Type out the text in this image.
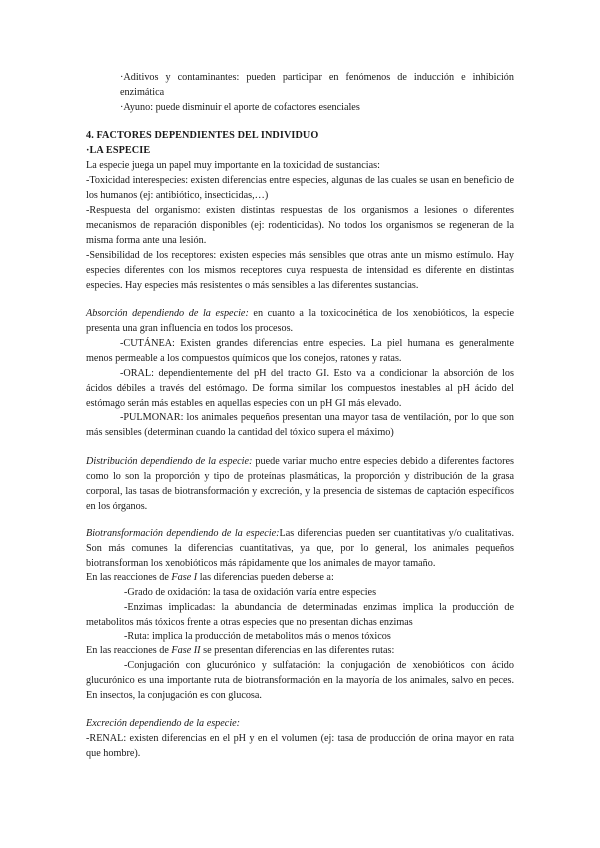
·Aditivos y contaminantes: pueden participar en fenómenos de inducción e inhibición enzimática

·Ayuno: puede disminuir el aporte de cofactores esenciales

4. FACTORES DEPENDIENTES DEL INDIVIDUO

·LA ESPECIE

La especie juega un papel muy importante en la toxicidad de sustancias:

-Toxicidad interespecies: existen diferencias entre especies, algunas de las cuales se usan en beneficio de los humanos (ej: antibiótico, insecticidas,…)

-Respuesta del organismo: existen distintas respuestas de los organismos a lesiones o diferentes mecanismos de reparación disponibles (ej: rodenticidas). No todos los organismos se regeneran de la misma forma ante una lesión.

-Sensibilidad de los receptores: existen especies más sensibles que otras ante un mismo estímulo. Hay especies diferentes con los mismos receptores cuya respuesta de intensidad es diferente en distintas especies. Hay especies más resistentes o más sensibles a las diferentes sustancias.

Absorción dependiendo de la especie: en cuanto a la toxicocinética de los xenobióticos, la especie presenta una gran influencia en todos los procesos.

-CUTÁNEA: Existen grandes diferencias entre especies. La piel humana es generalmente menos permeable a los compuestos químicos que los conejos, ratones y ratas.

-ORAL: dependientemente del pH del tracto GI. Esto va a condicionar la absorción de los ácidos débiles a través del estómago. De forma similar los compuestos inestables al pH ácido del estómago serán más estables en aquellas especies con un pH GI más elevado.

-PULMONAR: los animales pequeños presentan una mayor tasa de ventilación, por lo que son más sensibles (determinan cuando la cantidad del tóxico supera el máximo)

Distribución dependiendo de la especie: puede variar mucho entre especies debido a diferentes factores como lo son la proporción y tipo de proteínas plasmáticas, la proporción y distribución de la grasa corporal, las tasas de biotransformación y excreción, y la presencia de sistemas de captación específicos en los órganos.

Biotransformación dependiendo de la especie:Las diferencias pueden ser cuantitativas y/o cualitativas. Son más comunes la diferencias cuantitativas, ya que, por lo general, los animales pequeños biotransforman los xenobióticos más rápidamente que los animales de mayor tamaño.

En las reacciones de Fase I las diferencias pueden deberse a:

-Grado de oxidación: la tasa de oxidación varía entre especies

-Enzimas implicadas: la abundancia de determinadas enzimas implica la producción de metabolitos más tóxicos frente a otras especies que no presentan dichas enzimas

-Ruta: implica la producción de metabolitos más o menos tóxicos

En las reacciones de Fase II se presentan diferencias en las diferentes rutas:

-Conjugación con glucurónico y sulfatación: la conjugación de xenobióticos con ácido glucurónico es una importante ruta de biotransformación en la mayoría de los animales, salvo en peces. En insectos, la conjugación es con glucosa.

Excreción dependiendo de la especie:

-RENAL: existen diferencias en el pH y en el volumen (ej: tasa de producción de orina mayor en rata que hombre).
